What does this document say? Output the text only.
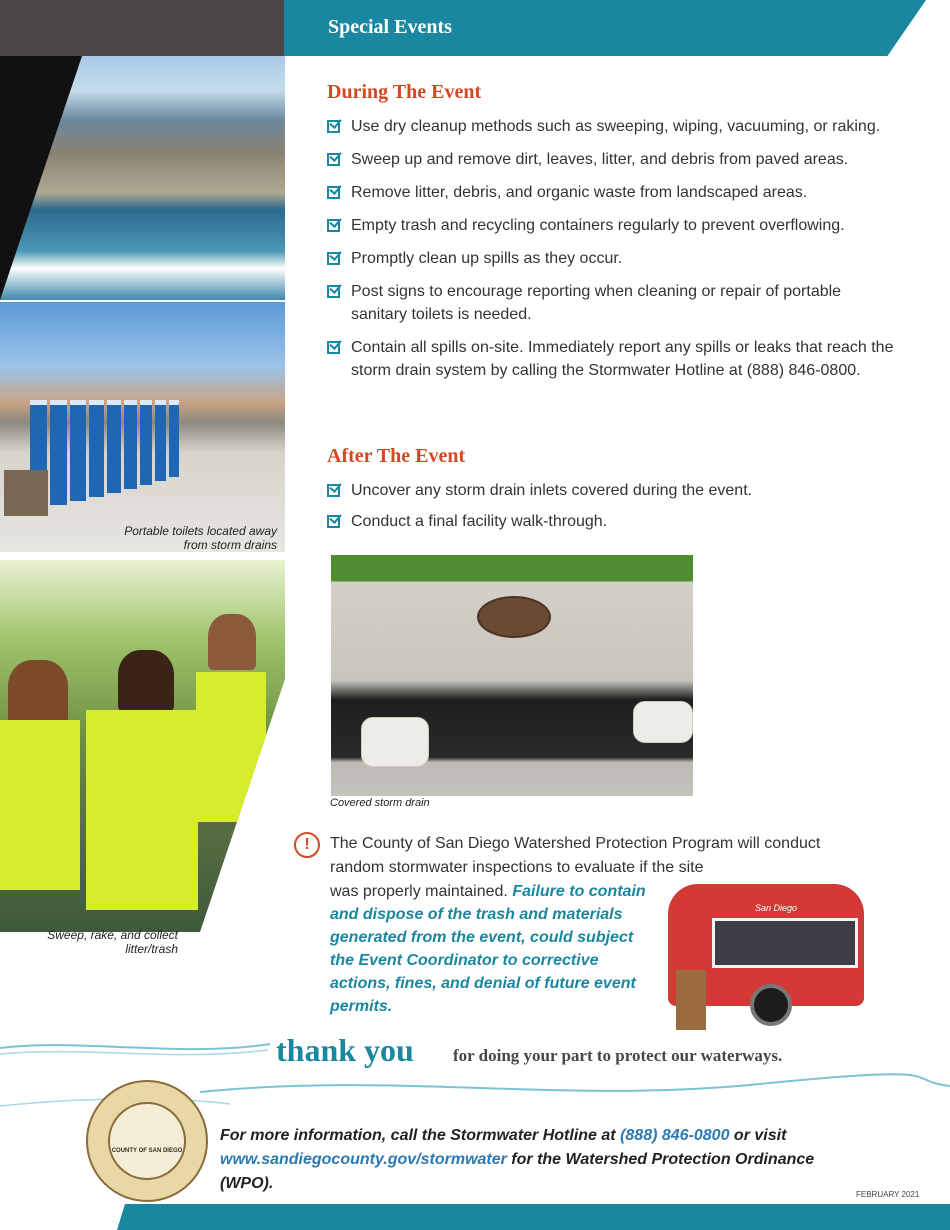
Special Events
Portable toilets located away from storm drains
Sweep, rake, and collect litter/trash
During The Event
Use dry cleanup methods such as sweeping, wiping, vacuuming, or raking.
Sweep up and remove dirt, leaves, litter, and debris from paved areas.
Remove litter, debris, and organic waste from landscaped areas.
Empty trash and recycling containers regularly to prevent overflowing.
Promptly clean up spills as they occur.
Post signs to encourage reporting when cleaning or repair of portable sanitary toilets is needed.
Contain all spills on-site. Immediately report any spills or leaks that reach the storm drain system by calling the Stormwater Hotline at (888) 846-0800.
After The Event
Uncover any storm drain inlets covered during the event.
Conduct a final facility walk-through.
Covered storm drain
!	The County of San Diego Watershed Protection Program will conduct random stormwater inspections to evaluate if the site
was properly maintained. Failure to contain and dispose of the trash and materials generated from the event, could subject the Event Coordinator to corrective actions, fines, and denial of future event permits.
San Diego
thank you for doing your part to protect our waterways.
COUNTY OF SAN DIEGO
For more information, call the Stormwater Hotline at (888) 846-0800 or visit www.sandiegocounty.gov/stormwater for the Watershed Protection Ordinance (WPO).
FEBRUARY 2021
